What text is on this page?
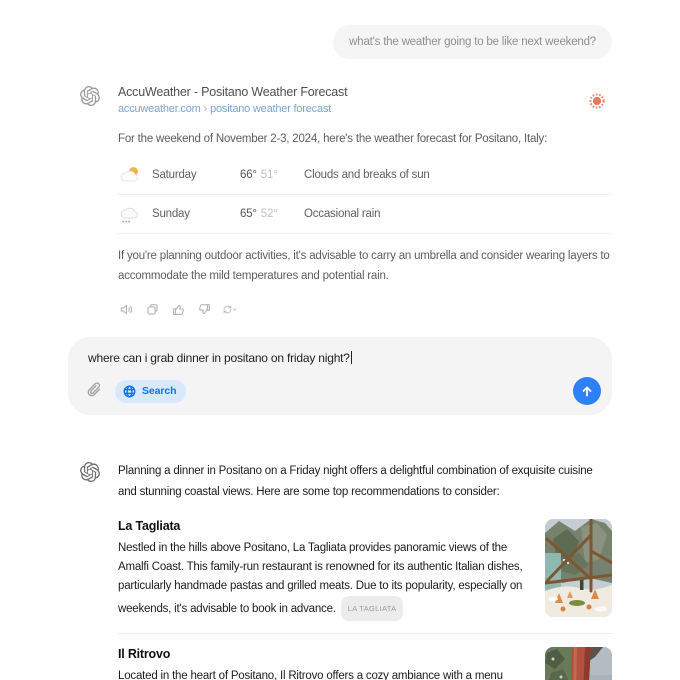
what's the weather going to be like next weekend?
AccuWeather - Positano Weather Forecast
accuweather.com › positano weather forecast

For the weekend of November 2-3, 2024, here's the weather forecast for Positano, Italy:

Saturday	66° 51°	Clouds and breaks of sun
Sunday	65° 52°	Occasional rain

If you're planning outdoor activities, it's advisable to carry an umbrella and consider wearing layers to accommodate the mild temperatures and potential rain.

where can i grab dinner in positano on friday night?
Search

Planning a dinner in Positano on a Friday night offers a delightful combination of exquisite cuisine and stunning coastal views. Here are some top recommendations to consider:

La Tagliata

Nestled in the hills above Positano, La Tagliata provides panoramic views of the Amalfi Coast. This family-run restaurant is renowned for its authentic Italian dishes, particularly handmade pastas and grilled meats. Due to its popularity, especially on weekends, it's advisable to book in advance. LA TAGLIATA

Il Ritrovo

Located in the heart of Positano, Il Ritrovo offers a cozy ambiance with a menu
